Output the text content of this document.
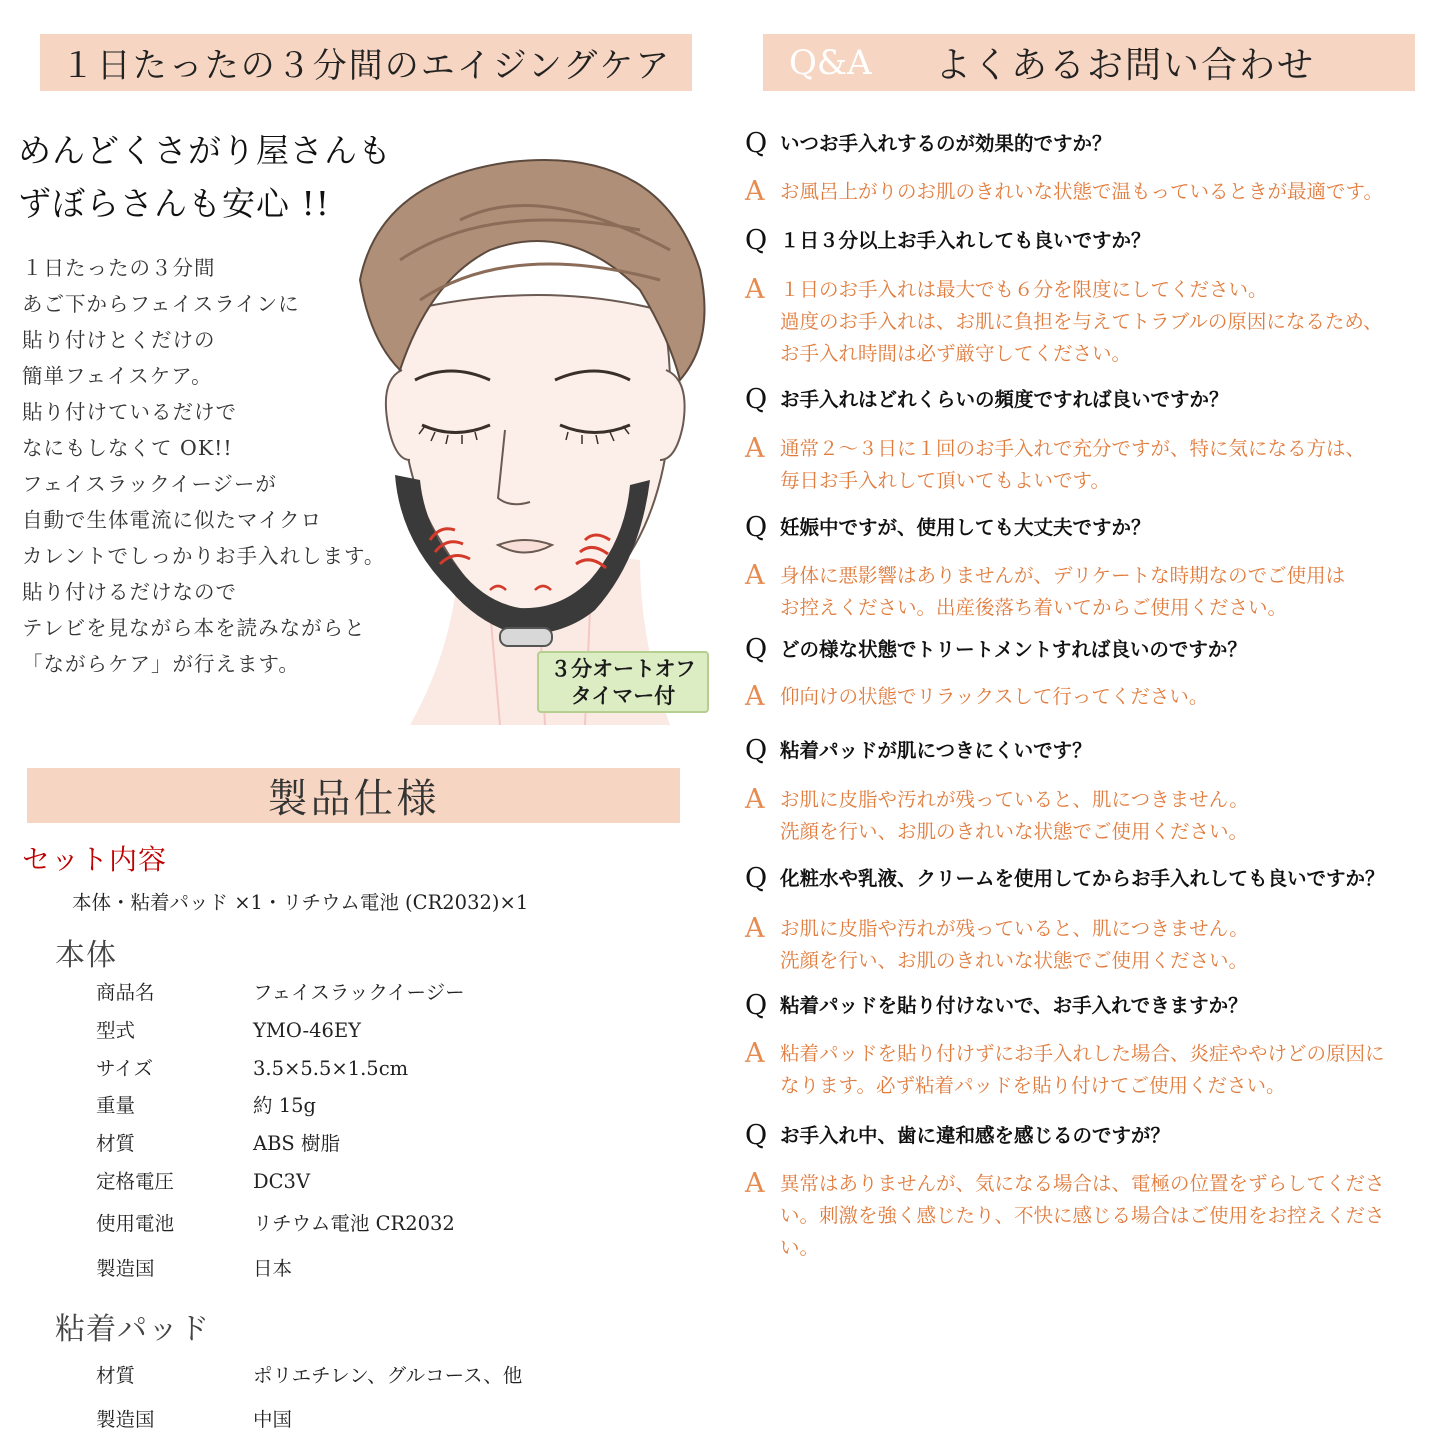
１日たったの３分間のエイジングケア	Q&A	よくあるお問い合わせ
製品仕様
めんどくさがり屋さんも
ずぼらさんも安心 !!
１日たったの３分間
あご下からフェイスラインに
貼り付けとくだけの
簡単フェイスケア。
貼り付けているだけで
なにもしなくて OK!!
フェイスラックイージーが
自動で生体電流に似たマイクロ
カレントでしっかりお手入れします。
貼り付けるだけなので
テレビを見ながら本を読みながらと
「ながらケア」が行えます。	３分オートオフ
タイマー付
Q いつお手入れするのが効果的ですか？
A お風呂上がりのお肌のきれいな状態で温もっているときが最適です。
Q １日３分以上お手入れしても良いですか？
A １日のお手入れは最大でも６分を限度にしてください。
過度のお手入れは、お肌に負担を与えてトラブルの原因になるため、
お手入れ時間は必ず厳守してください。
Q お手入れはどれくらいの頻度ですれば良いですか？
A 通常２～３日に１回のお手入れで充分ですが、特に気になる方は、
毎日お手入れして頂いてもよいです。
Q 妊娠中ですが、使用しても大丈夫ですか？
A 身体に悪影響はありませんが、デリケートな時期なのでご使用は
お控えください。出産後落ち着いてからご使用ください。
Q どの様な状態でトリートメントすれば良いのですか？
A 仰向けの状態でリラックスして行ってください。
Q 粘着パッドが肌につきにくいです？
A お肌に皮脂や汚れが残っていると、肌につきません。
洗顔を行い、お肌のきれいな状態でご使用ください。
Q 化粧水や乳液、クリームを使用してからお手入れしても良いですか？
A お肌に皮脂や汚れが残っていると、肌につきません。
洗顔を行い、お肌のきれいな状態でご使用ください。
Q 粘着パッドを貼り付けないで、お手入れできますか？
A 粘着パッドを貼り付けずにお手入れした場合、炎症ややけどの原因に
なります。必ず粘着パッドを貼り付けてご使用ください。
Q お手入れ中、歯に違和感を感じるのですが？
A 異常はありませんが、気になる場合は、電極の位置をずらしてくださ
い。刺激を強く感じたり、不快に感じる場合はご使用をお控えくださ
い。
セット内容
本体・粘着パッド ×1・リチウム電池 (CR2032)×1
本体
商品名	フェイスラックイージー
型式	YMO-46EY
サイズ	3.5×5.5×1.5cm
重量	約 15g
材質	ABS 樹脂
定格電圧	DC3V
使用電池	リチウム電池 CR2032
製造国	日本
粘着パッド
材質	ポリエチレン、グルコース、他
製造国	中国
